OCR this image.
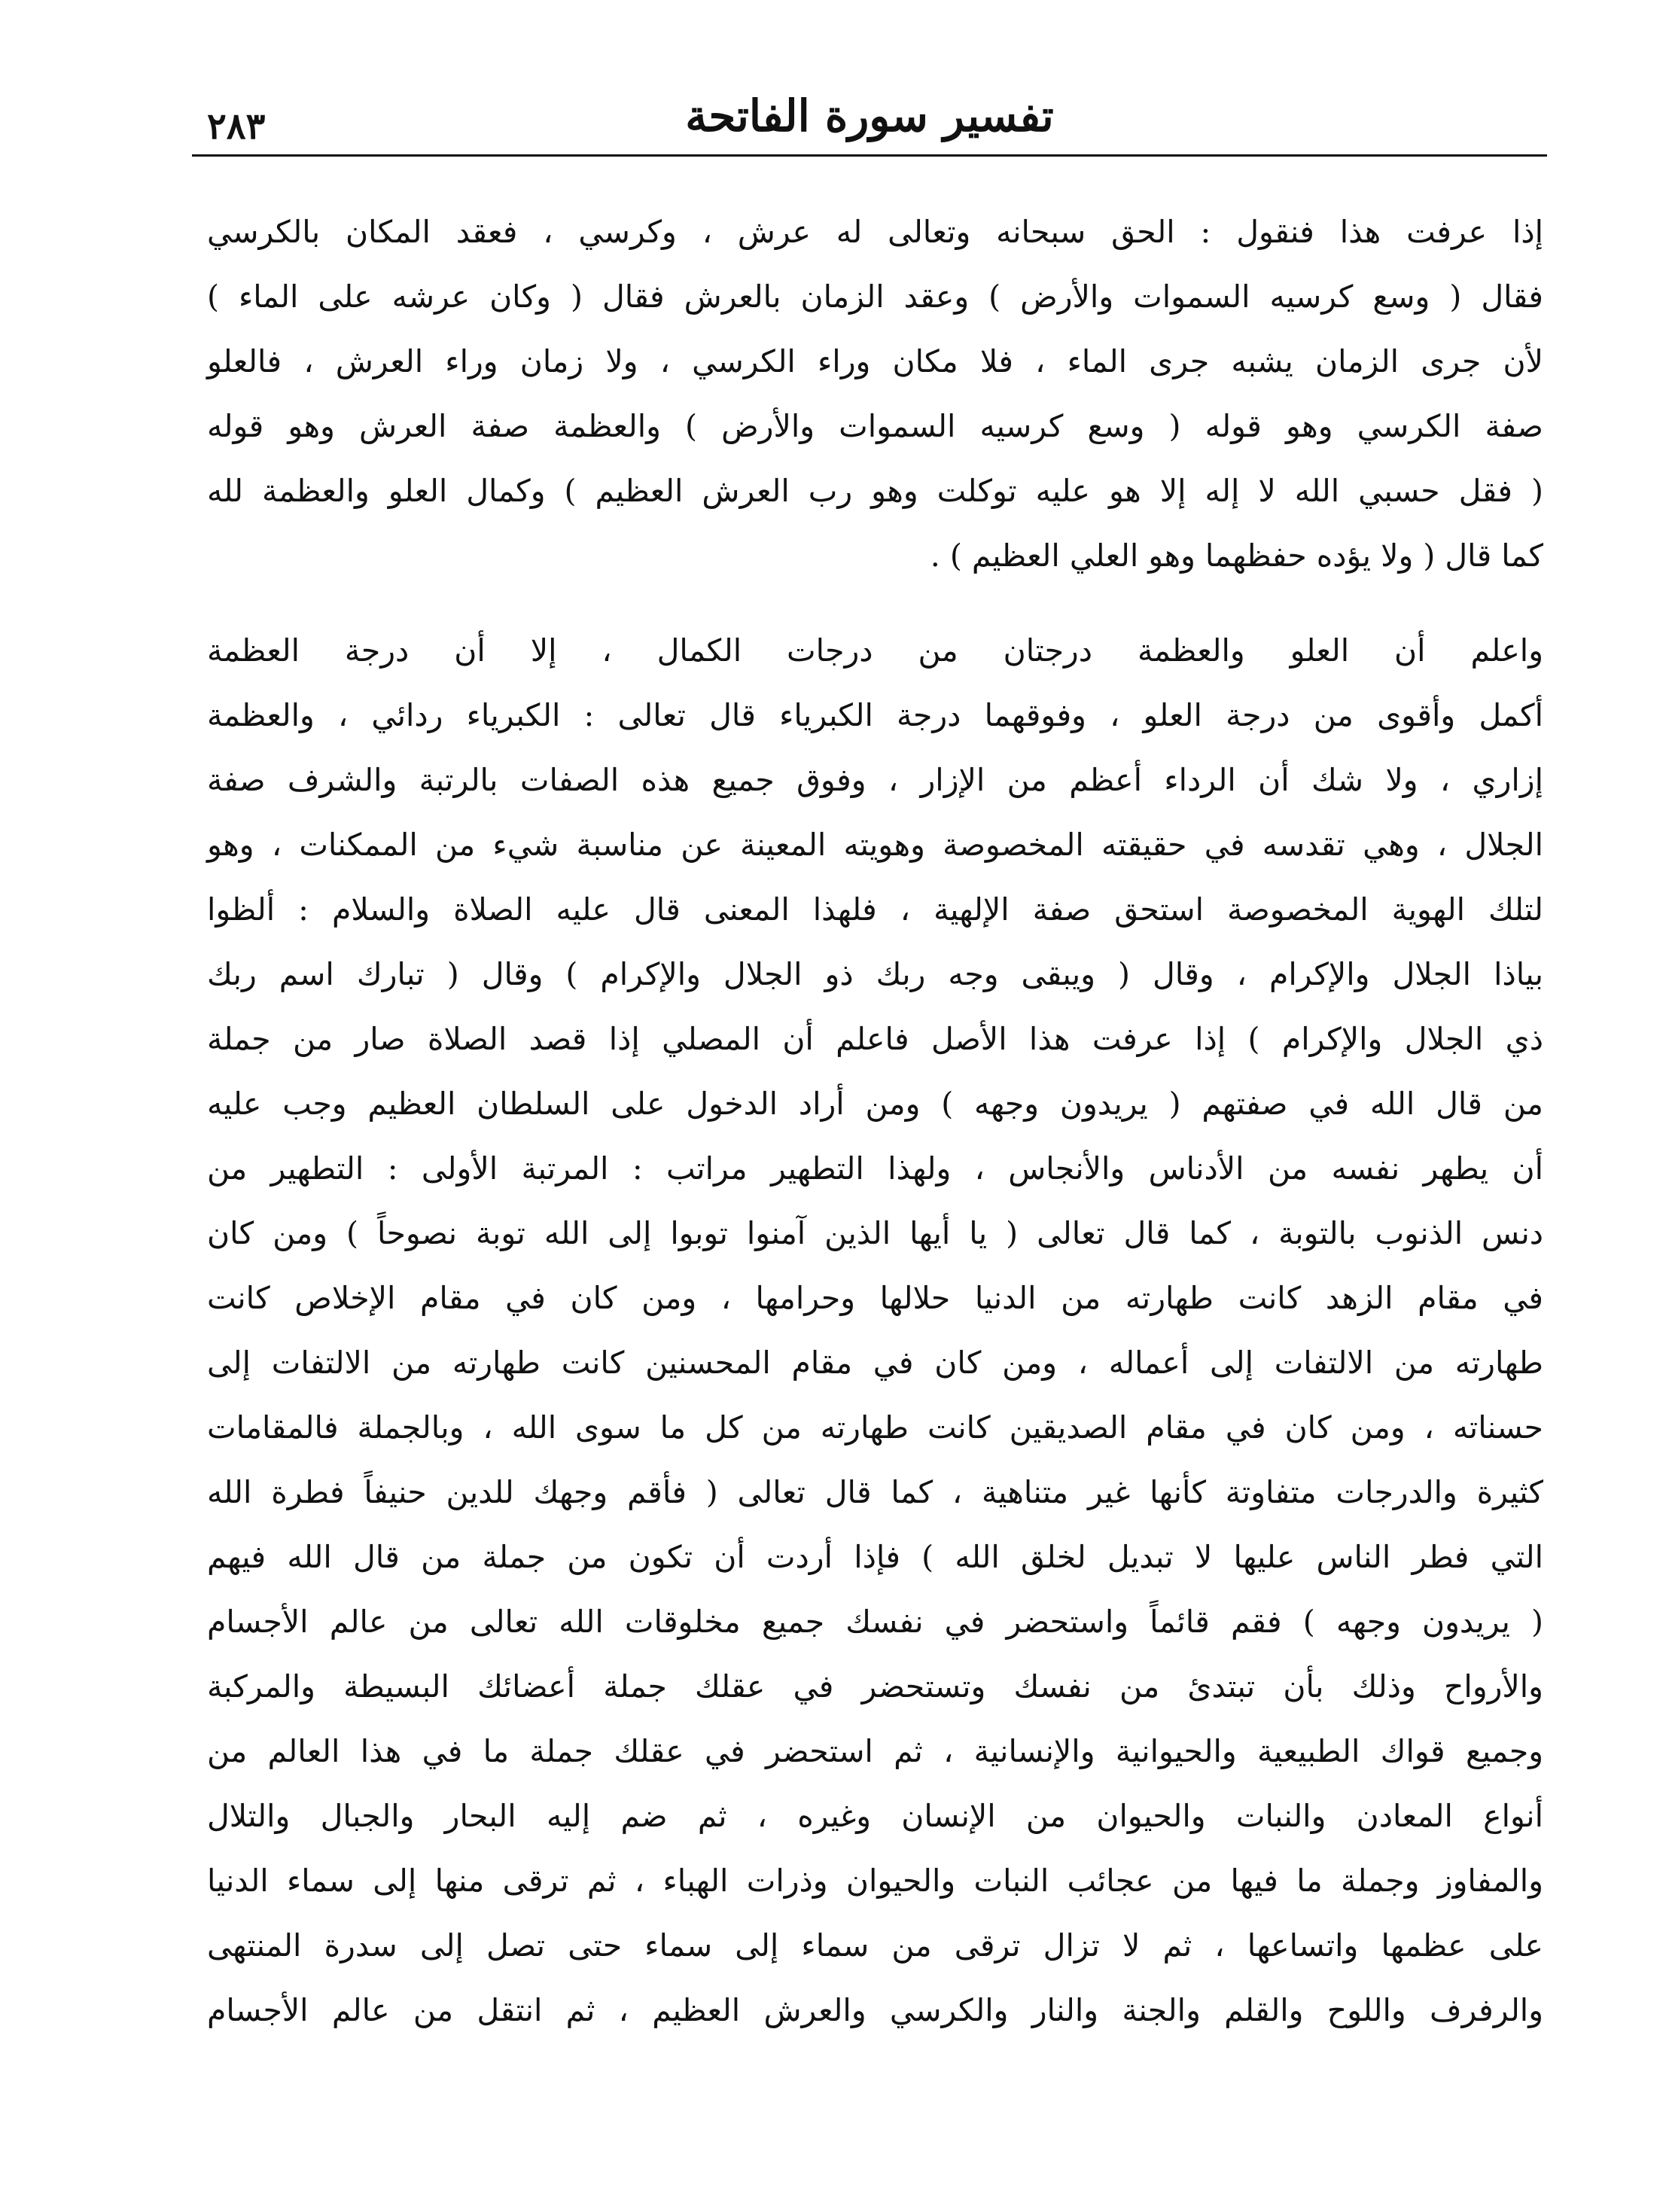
٢٨٣	تفسير سورة الفاتحة
إذا عرفت هذا فنقول : الحق سبحانه وتعالى له عرش ، وكرسي ، فعقد المكان بالكرسي
فقال ( وسع كرسيه السموات والأرض ) وعقد الزمان بالعرش فقال ( وكان عرشه على الماء )
لأن جرى الزمان يشبه جرى الماء ، فلا مكان وراء الكرسي ، ولا زمان وراء العرش ، فالعلو
صفة الكرسي وهو قوله ( وسع كرسيه السموات والأرض ) والعظمة صفة العرش وهو قوله
( فقل حسبي الله لا إله إلا هو عليه توكلت وهو رب العرش العظيم ) وكمال العلو والعظمة لله
كما قال ( ولا يؤده حفظهما وهو العلي العظيم ) .
واعلم أن العلو والعظمة درجتان من درجات الكمال ، إلا أن درجة العظمة
أكمل وأقوى من درجة العلو ، وفوقهما درجة الكبرياء قال تعالى : الكبرياء ردائي ، والعظمة
إزاري ، ولا شك أن الرداء أعظم من الإزار ، وفوق جميع هذه الصفات بالرتبة والشرف صفة
الجلال ، وهي تقدسه في حقيقته المخصوصة وهويته المعينة عن مناسبة شيء من الممكنات ، وهو
لتلك الهوية المخصوصة استحق صفة الإلهية ، فلهذا المعنى قال عليه الصلاة والسلام : ألظوا
بياذا الجلال والإكرام ، وقال ( ويبقى وجه ربك ذو الجلال والإكرام ) وقال ( تبارك اسم ربك
ذي الجلال والإكرام ) إذا عرفت هذا الأصل فاعلم أن المصلي إذا قصد الصلاة صار من جملة
من قال الله في صفتهم ( يريدون وجهه ) ومن أراد الدخول على السلطان العظيم وجب عليه
أن يطهر نفسه من الأدناس والأنجاس ، ولهذا التطهير مراتب : المرتبة الأولى : التطهير من
دنس الذنوب بالتوبة ، كما قال تعالى ( يا أيها الذين آمنوا توبوا إلى الله توبة نصوحاً ) ومن كان
في مقام الزهد كانت طهارته من الدنيا حلالها وحرامها ، ومن كان في مقام الإخلاص كانت
طهارته من الالتفات إلى أعماله ، ومن كان في مقام المحسنين كانت طهارته من الالتفات إلى
حسناته ، ومن كان في مقام الصديقين كانت طهارته من كل ما سوى الله ، وبالجملة فالمقامات
كثيرة والدرجات متفاوتة كأنها غير متناهية ، كما قال تعالى ( فأقم وجهك للدين حنيفاً فطرة الله
التي فطر الناس عليها لا تبديل لخلق الله ) فإذا أردت أن تكون من جملة من قال الله فيهم
( يريدون وجهه ) فقم قائماً واستحضر في نفسك جميع مخلوقات الله تعالى من عالم الأجسام
والأرواح وذلك بأن تبتدئ من نفسك وتستحضر في عقلك جملة أعضائك البسيطة والمركبة
وجميع قواك الطبيعية والحيوانية والإنسانية ، ثم استحضر في عقلك جملة ما في هذا العالم من
أنواع المعادن والنبات والحيوان من الإنسان وغيره ، ثم ضم إليه البحار والجبال والتلال
والمفاوز وجملة ما فيها من عجائب النبات والحيوان وذرات الهباء ، ثم ترقى منها إلى سماء الدنيا
على عظمها واتساعها ، ثم لا تزال ترقى من سماء إلى سماء حتى تصل إلى سدرة المنتهى
والرفرف واللوح والقلم والجنة والنار والكرسي والعرش العظيم ، ثم انتقل من عالم الأجسام
